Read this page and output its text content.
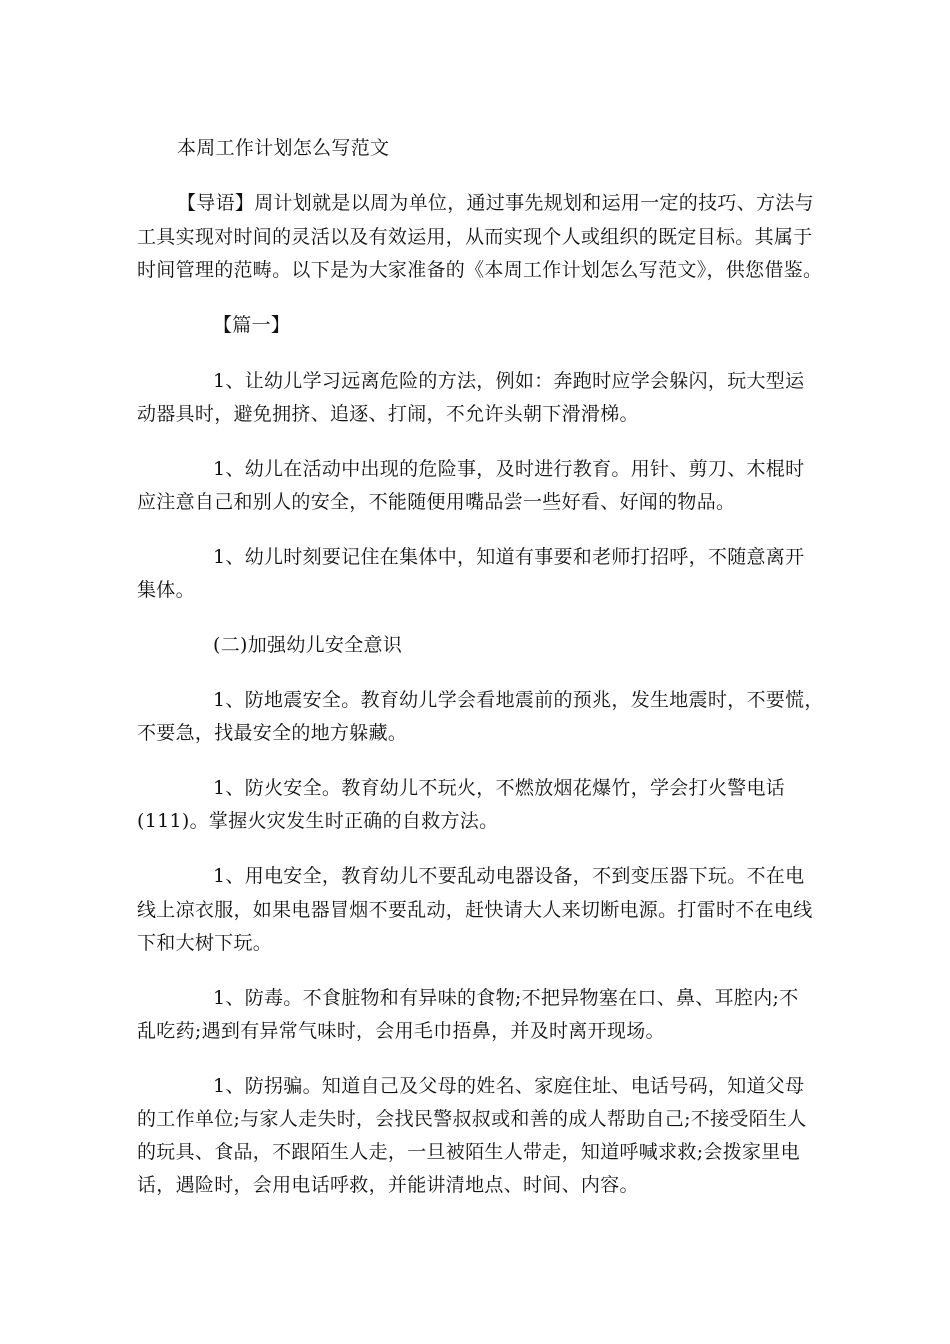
本周工作计划怎么写范文
【导语】周计划就是以周为单位，通过事先规划和运用一定的技巧、方法与
工具实现对时间的灵活以及有效运用，从而实现个人或组织的既定目标。其属于
时间管理的范畴。以下是为大家准备的《本周工作计划怎么写范文》，供您借鉴。
【篇一】
1、让幼儿学习远离危险的方法，例如：奔跑时应学会躲闪，玩大型运
动器具时，避免拥挤、追逐、打闹，不允许头朝下滑滑梯。
1、幼儿在活动中出现的危险事，及时进行教育。用针、剪刀、木棍时
应注意自己和别人的安全，不能随便用嘴品尝一些好看、好闻的物品。
1、幼儿时刻要记住在集体中，知道有事要和老师打招呼，不随意离开
集体。
(二)加强幼儿安全意识
1、防地震安全。教育幼儿学会看地震前的预兆，发生地震时，不要慌，
不要急，找最安全的地方躲藏。
1、防火安全。教育幼儿不玩火，不燃放烟花爆竹，学会打火警电话
(111)。掌握火灾发生时正确的自救方法。
1、用电安全，教育幼儿不要乱动电器设备，不到变压器下玩。不在电
线上凉衣服，如果电器冒烟不要乱动，赶快请大人来切断电源。打雷时不在电线
下和大树下玩。
1、防毒。不食脏物和有异味的食物;不把异物塞在口、鼻、耳腔内;不
乱吃药;遇到有异常气味时，会用毛巾捂鼻，并及时离开现场。
1、防拐骗。知道自己及父母的姓名、家庭住址、电话号码，知道父母
的工作单位;与家人走失时，会找民警叔叔或和善的成人帮助自己;不接受陌生人
的玩具、食品，不跟陌生人走，一旦被陌生人带走，知道呼喊求救;会拨家里电
话，遇险时，会用电话呼救，并能讲清地点、时间、内容。
